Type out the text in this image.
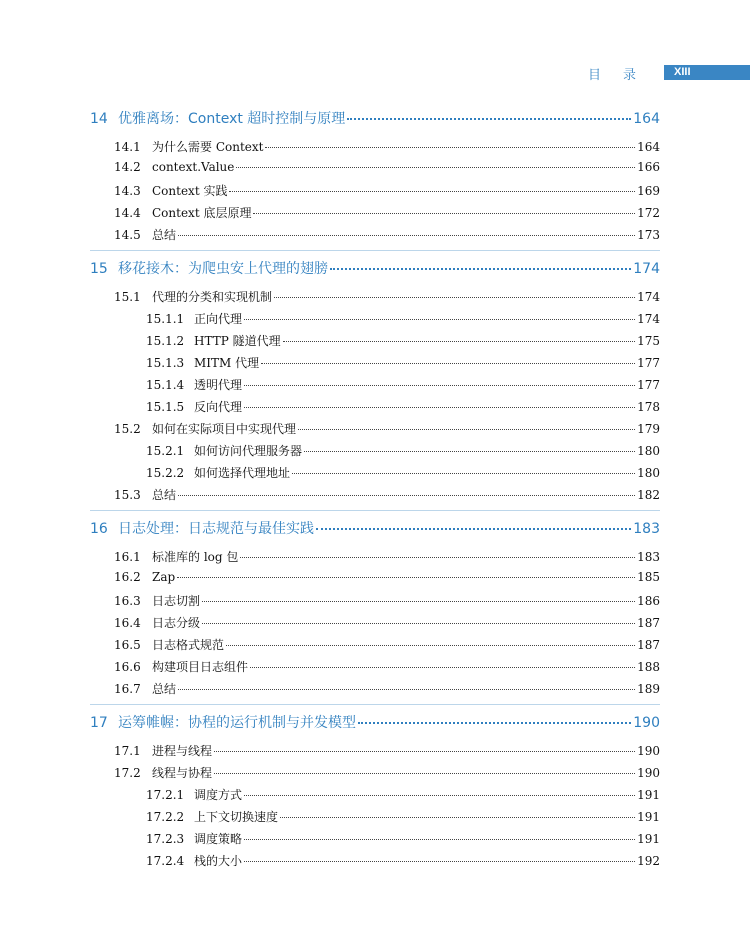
目录	XIII
14 优雅离场：Context 超时控制与原理	164
14.1 为什么需要 Context	164
14.2 context.Value	166
14.3 Context 实践	169
14.4 Context 底层原理	172
14.5 总结	173
15 移花接木：为爬虫安上代理的翅膀	174
15.1 代理的分类和实现机制	174
15.1.1 正向代理	174
15.1.2 HTTP 隧道代理	175
15.1.3 MITM 代理	177
15.1.4 透明代理	177
15.1.5 反向代理	178
15.2 如何在实际项目中实现代理	179
15.2.1 如何访问代理服务器	180
15.2.2 如何选择代理地址	180
15.3 总结	182
16 日志处理：日志规范与最佳实践	183
16.1 标准库的 log 包	183
16.2 Zap	185
16.3 日志切割	186
16.4 日志分级	187
16.5 日志格式规范	187
16.6 构建项目日志组件	188
16.7 总结	189
17 运筹帷幄：协程的运行机制与并发模型	190
17.1 进程与线程	190
17.2 线程与协程	190
17.2.1 调度方式	191
17.2.2 上下文切换速度	191
17.2.3 调度策略	191
17.2.4 栈的大小	192
